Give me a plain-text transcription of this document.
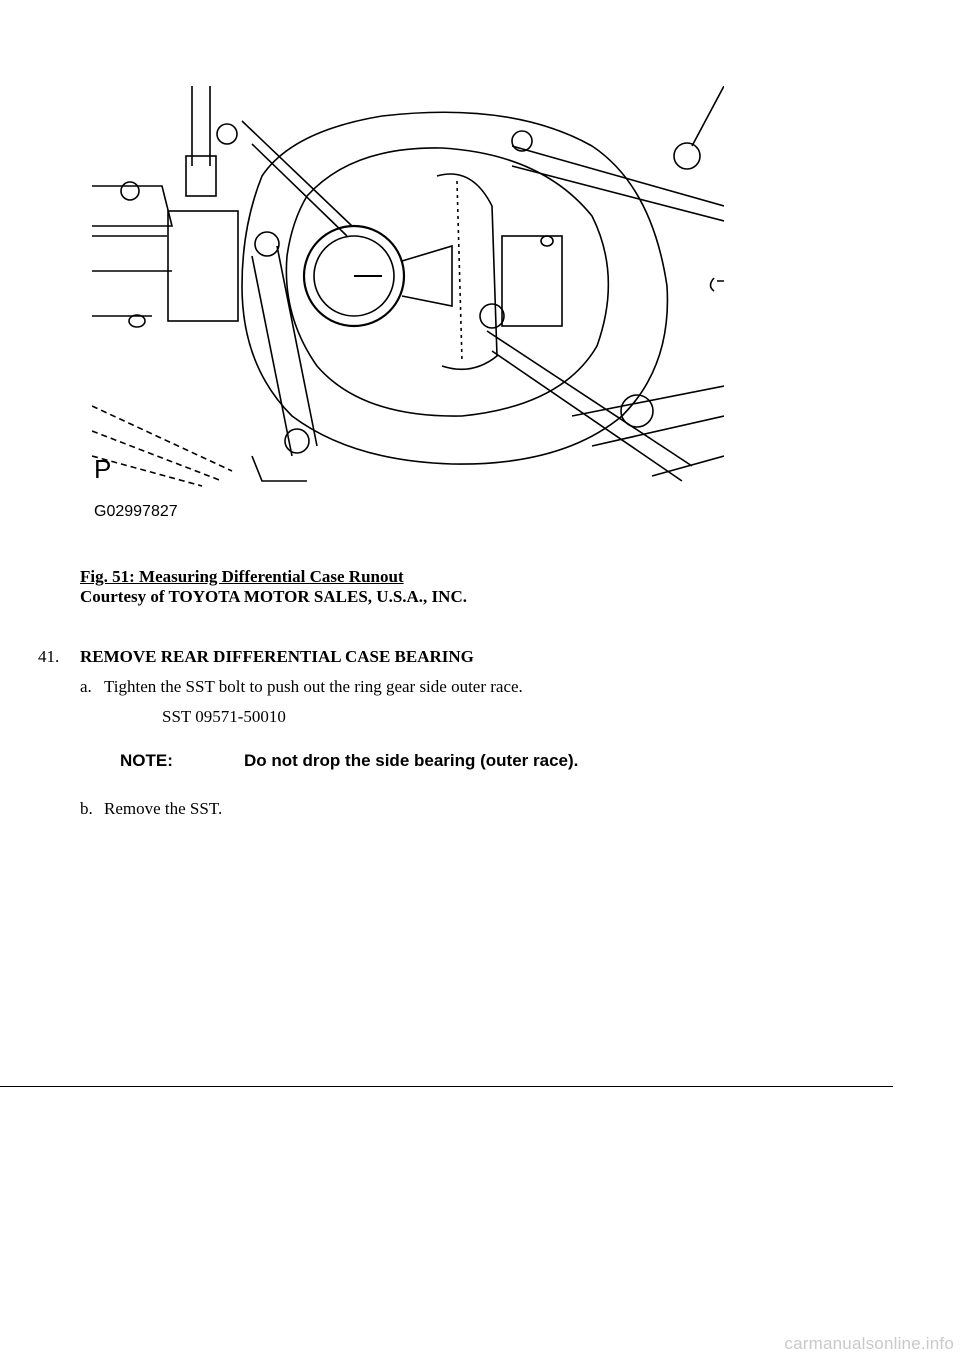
P
G02997827
Fig. 51: Measuring Differential Case Runout
Courtesy of TOYOTA MOTOR SALES, U.S.A., INC.
41.	REMOVE REAR DIFFERENTIAL CASE BEARING
a. Tighten the SST bolt to push out the ring gear side outer race.
SST 09571-50010
NOTE:	Do not drop the side bearing (outer race).
b. Remove the SST.
carmanualsonline.info
